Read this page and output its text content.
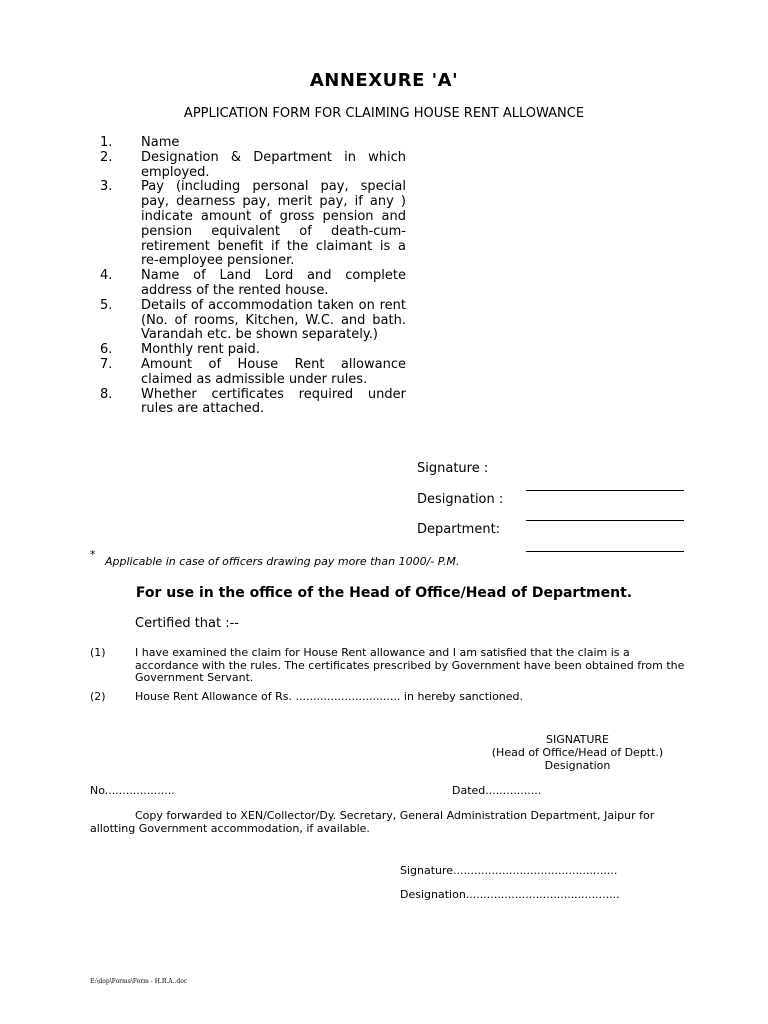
ANNEXURE 'A'
APPLICATION FORM FOR CLAIMING HOUSE RENT ALLOWANCE
1.	Name
2.	Designation & Department in which employed.
3.	Pay (including personal pay, special pay, dearness pay, merit pay, if any ) indicate amount of gross pension and pension equivalent of death-cum-retirement benefit if the claimant is a re-employee pensioner.
4.	Name of Land Lord and complete address of the rented house.
5.	Details of accommodation taken on rent (No. of rooms, Kitchen, W.C. and bath. Varandah etc. be shown separately.)
6.	Monthly rent paid.
7.	Amount of House Rent allowance claimed as admissible under rules.
8.	Whether certificates required under rules are attached.
Signature :
Designation :
Department:
*
Applicable in case of officers drawing pay more than 1000/- P.M.
For use in the office of the Head of Office/Head of Department.
Certified that :--
(1)	I have examined the claim for House Rent allowance and I am satisfied that the claim is a accordance with the rules. The certificates prescribed by Government have been obtained from the Government Servant.
(2)	House Rent Allowance of Rs. .............................. in hereby sanctioned.
SIGNATURE
(Head of Office/Head of Deptt.)
Designation
No....................	Dated................
Copy forwarded to XEN/Collector/Dy. Secretary, General Administration Department, Jaipur for allotting Government accommodation, if available.
Signature...............................................
Designation............................................
E:\dop\Forms\Form - H.R.A..doc
